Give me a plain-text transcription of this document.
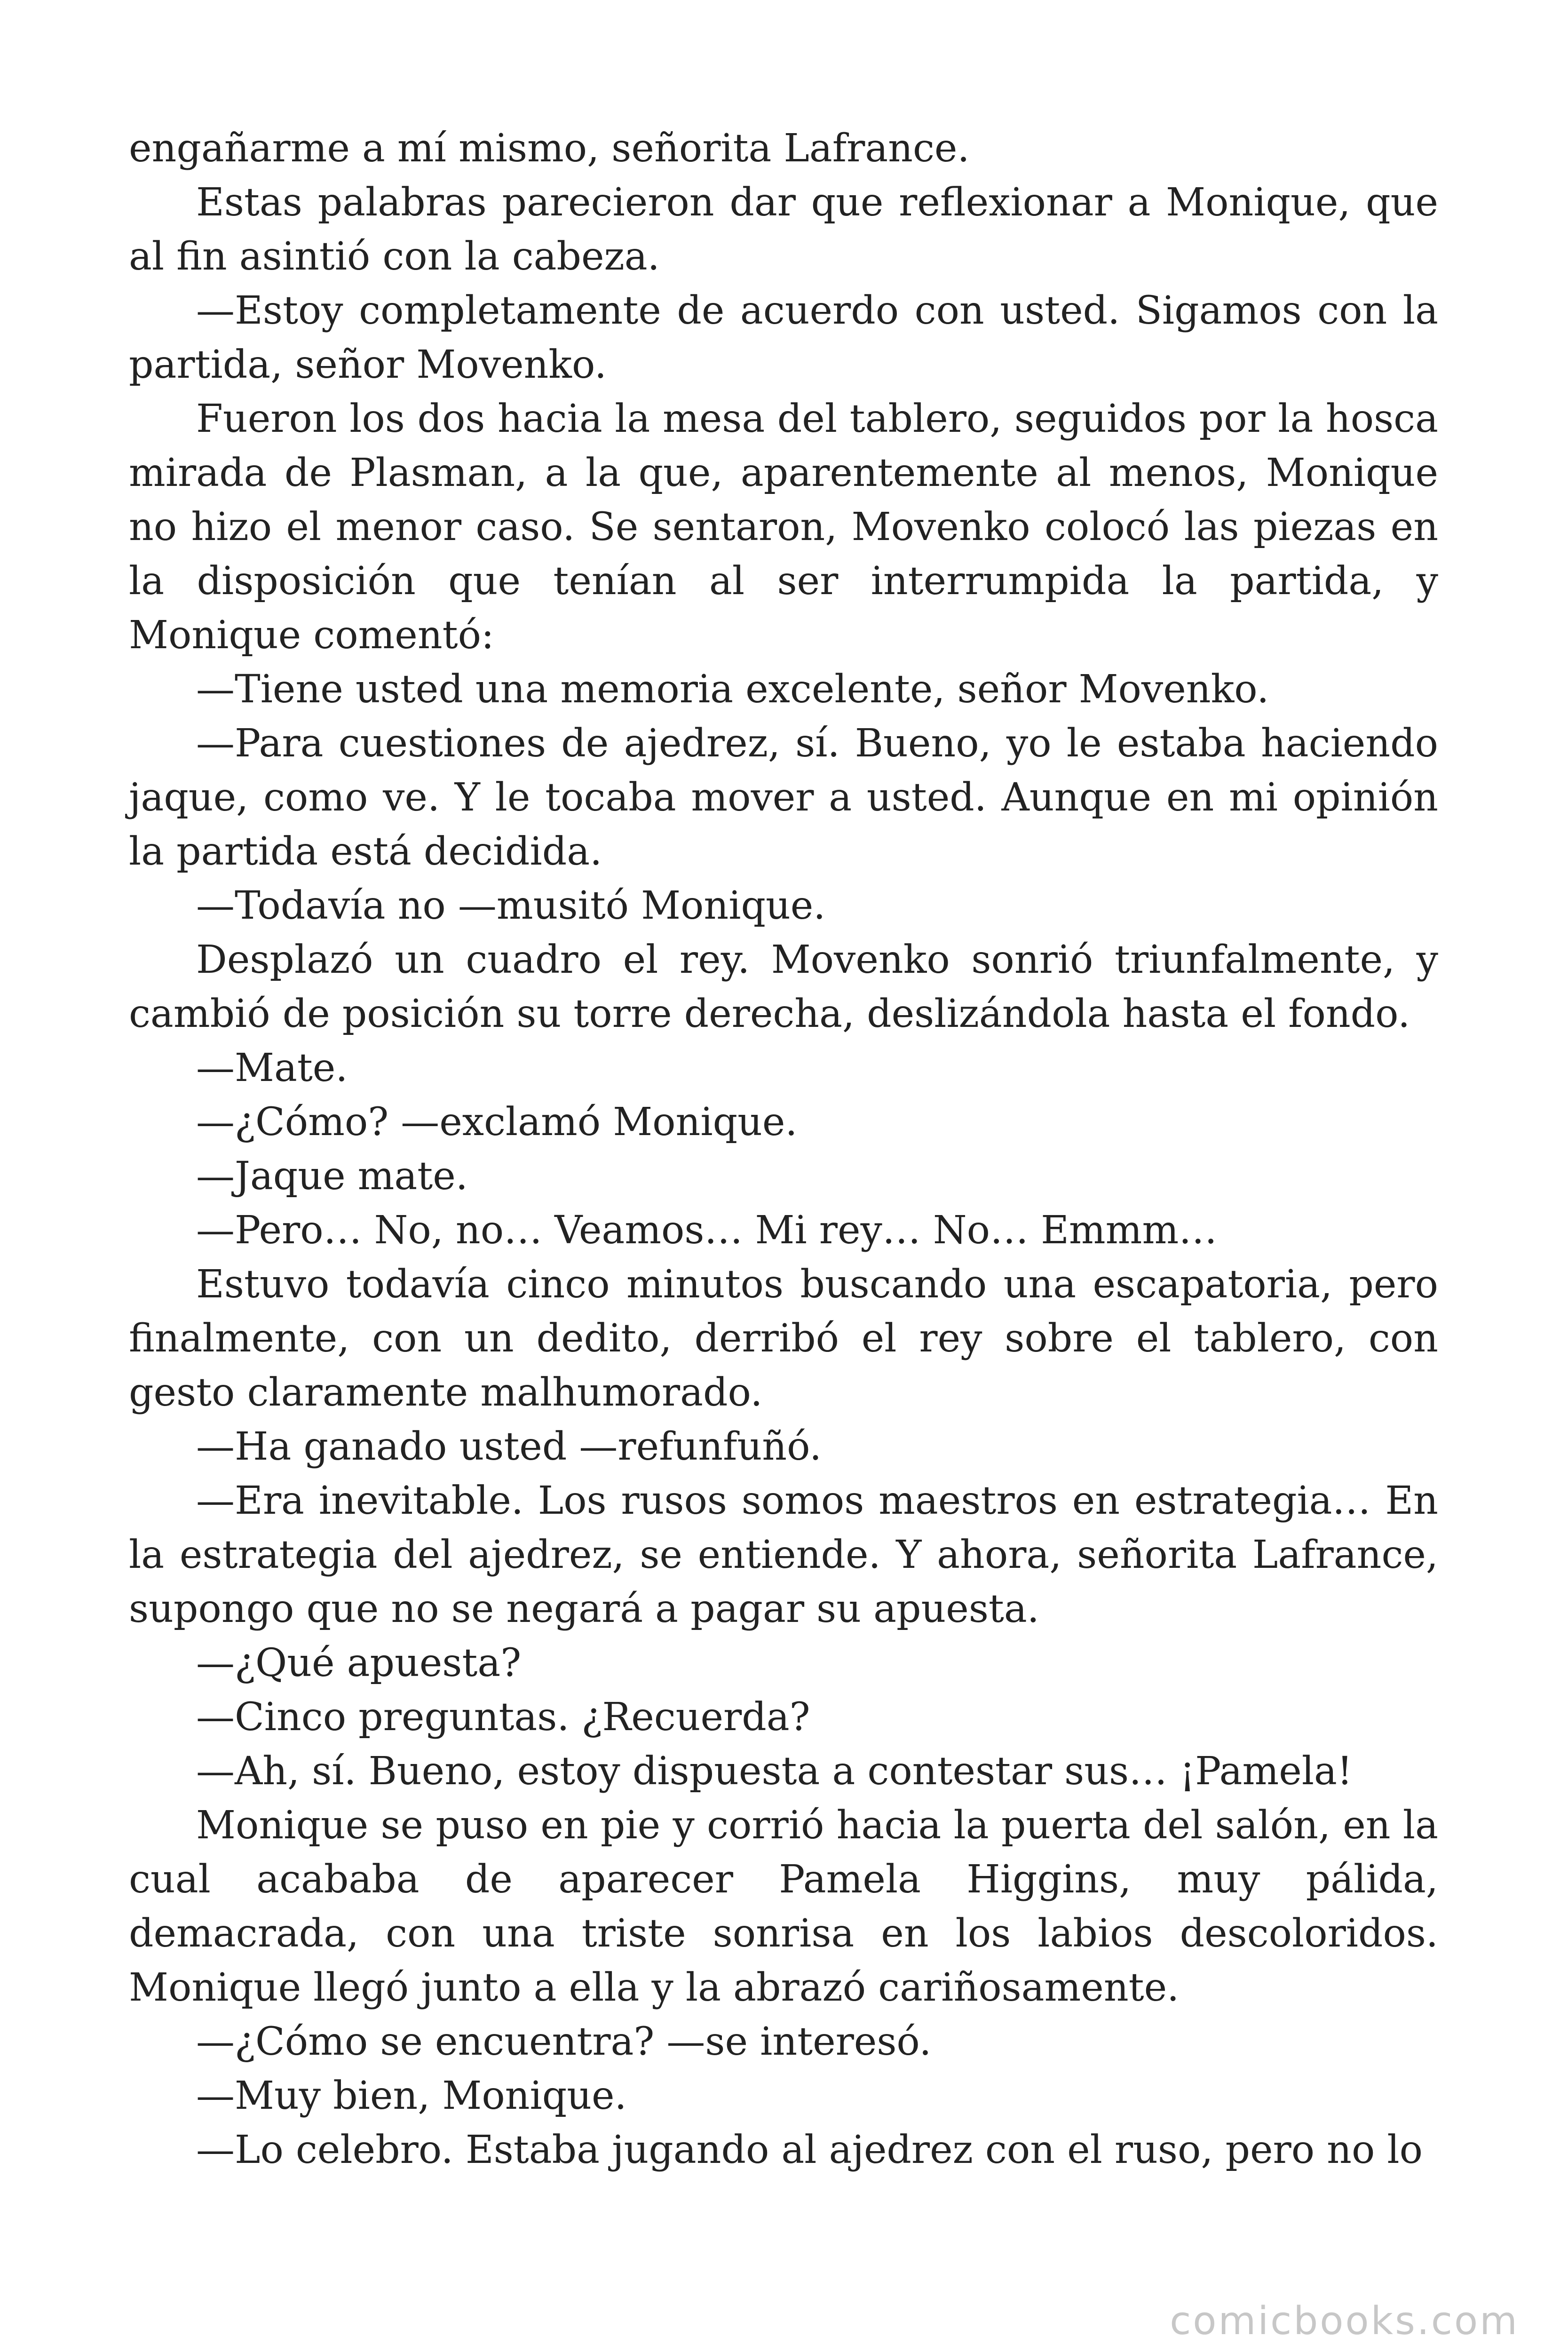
engañarme a mí mismo, señorita Lafrance.

Estas palabras parecieron dar que reflexionar a Monique, que al fin asintió con la cabeza.

—Estoy completamente de acuerdo con usted. Sigamos con la partida, señor Movenko.

Fueron los dos hacia la mesa del tablero, seguidos por la hosca mirada de Plasman, a la que, aparentemente al menos, Monique no hizo el menor caso. Se sentaron, Movenko colocó las piezas en la disposición que tenían al ser interrumpida la partida, y Monique comentó:

—Tiene usted una memoria excelente, señor Movenko.

—Para cuestiones de ajedrez, sí. Bueno, yo le estaba haciendo jaque, como ve. Y le tocaba mover a usted. Aunque en mi opinión la partida está decidida.

—Todavía no —musitó Monique.

Desplazó un cuadro el rey. Movenko sonrió triunfalmente, y cambió de posición su torre derecha, deslizándola hasta el fondo.

—Mate.

—¿Cómo? —exclamó Monique.

—Jaque mate.

—Pero… No, no… Veamos… Mi rey… No… Emmm…

Estuvo todavía cinco minutos buscando una escapatoria, pero finalmente, con un dedito, derribó el rey sobre el tablero, con gesto claramente malhumorado.

—Ha ganado usted —refunfuñó.

—Era inevitable. Los rusos somos maestros en estrategia… En la estrategia del ajedrez, se entiende. Y ahora, señorita Lafrance, supongo que no se negará a pagar su apuesta.

—¿Qué apuesta?

—Cinco preguntas. ¿Recuerda?

—Ah, sí. Bueno, estoy dispuesta a contestar sus… ¡Pamela!

Monique se puso en pie y corrió hacia la puerta del salón, en la cual acababa de aparecer Pamela Higgins, muy pálida, demacrada, con una triste sonrisa en los labios descoloridos. Monique llegó junto a ella y la abrazó cariñosamente.

—¿Cómo se encuentra? —se interesó.

—Muy bien, Monique.

—Lo celebro. Estaba jugando al ajedrez con el ruso, pero no lo

comicbooks.com
